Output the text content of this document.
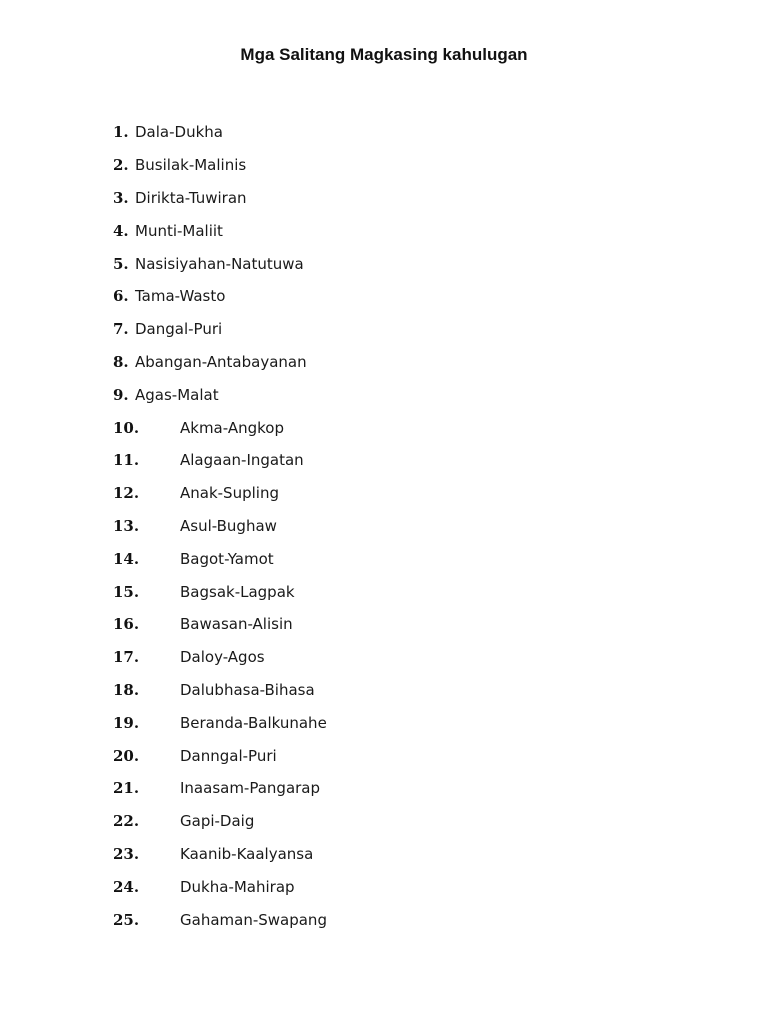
Mga Salitang Magkasing kahulugan
1. Dala-Dukha
2. Busilak-Malinis
3. Dirikta-Tuwiran
4. Munti-Maliit
5. Nasisiyahan-Natutuwa
6. Tama-Wasto
7. Dangal-Puri
8. Abangan-Antabayanan
9. Agas-Malat
10.	Akma-Angkop
11.	Alagaan-Ingatan
12.	Anak-Supling
13.	Asul-Bughaw
14.	Bagot-Yamot
15.	Bagsak-Lagpak
16.	Bawasan-Alisin
17.	Daloy-Agos
18.	Dalubhasa-Bihasa
19.	Beranda-Balkunahe
20.	Danngal-Puri
21.	Inaasam-Pangarap
22.	Gapi-Daig
23.	Kaanib-Kaalyansa
24.	Dukha-Mahirap
25.	Gahaman-Swapang
